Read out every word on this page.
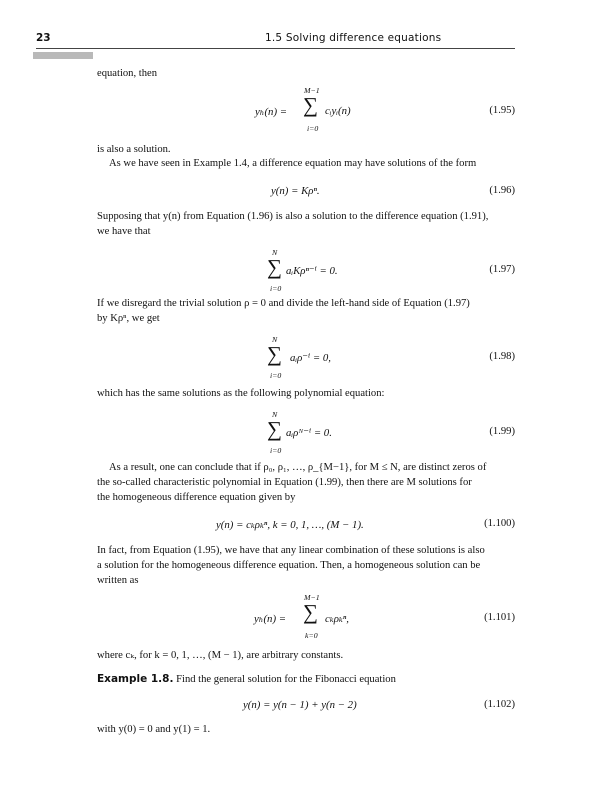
23	1.5 Solving difference equations
equation, then
yₕ(n) =
M−1
∑
i=0
cᵢyᵢ(n)	(1.95)
is also a solution.
As we have seen in Example 1.4, a difference equation may have solutions of the form
y(n) = Kρⁿ.	(1.96)
Supposing that y(n) from Equation (1.96) is also a solution to the difference equation (1.91),
we have that
N
∑
i=0
aᵢKρⁿ⁻ⁱ = 0.	(1.97)
If we disregard the trivial solution ρ = 0 and divide the left-hand side of Equation (1.97)
by Kρⁿ, we get
N
∑
i=0
aᵢρ⁻ⁱ = 0,	(1.98)
which has the same solutions as the following polynomial equation:
N
∑
i=0
aᵢρᴺ⁻ⁱ = 0.	(1.99)
As a result, one can conclude that if ρ₀, ρ₁, …, ρ_{M−1}, for M ≤ N, are distinct zeros of
the so-called characteristic polynomial in Equation (1.99), then there are M solutions for
the homogeneous difference equation given by
y(n) = cₖρₖⁿ, k = 0, 1, …, (M − 1).	(1.100)
In fact, from Equation (1.95), we have that any linear combination of these solutions is also
a solution for the homogeneous difference equation. Then, a homogeneous solution can be
written as
yₕ(n) =
M−1
∑
k=0
cₖρₖⁿ,	(1.101)
where cₖ, for k = 0, 1, …, (M − 1), are arbitrary constants.
Example 1.8. Find the general solution for the Fibonacci equation
y(n) = y(n − 1) + y(n − 2)	(1.102)
with y(0) = 0 and y(1) = 1.
